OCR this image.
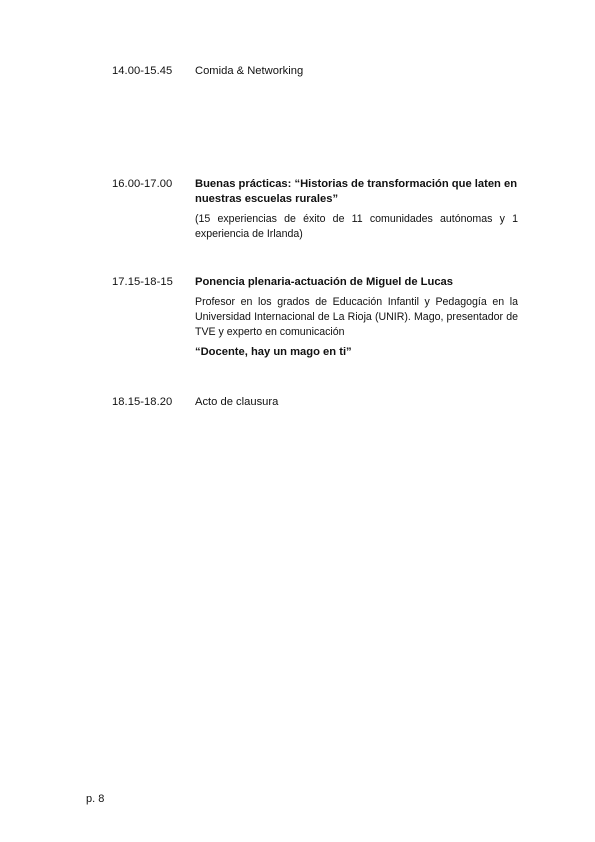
14.00-15.45	Comida & Networking
16.00-17.00	Buenas prácticas: “Historias de transformación que laten en nuestras escuelas rurales”
(15 experiencias de éxito de 11 comunidades autónomas y 1 experiencia de Irlanda)
17.15-18-15	Ponencia plenaria-actuación de Miguel de Lucas
Profesor en los grados de Educación Infantil y Pedagogía en la Universidad Internacional de La Rioja (UNIR). Mago, presentador de TVE y experto en comunicación
“Docente, hay un mago en ti”
18.15-18.20	Acto de clausura
p. 8
